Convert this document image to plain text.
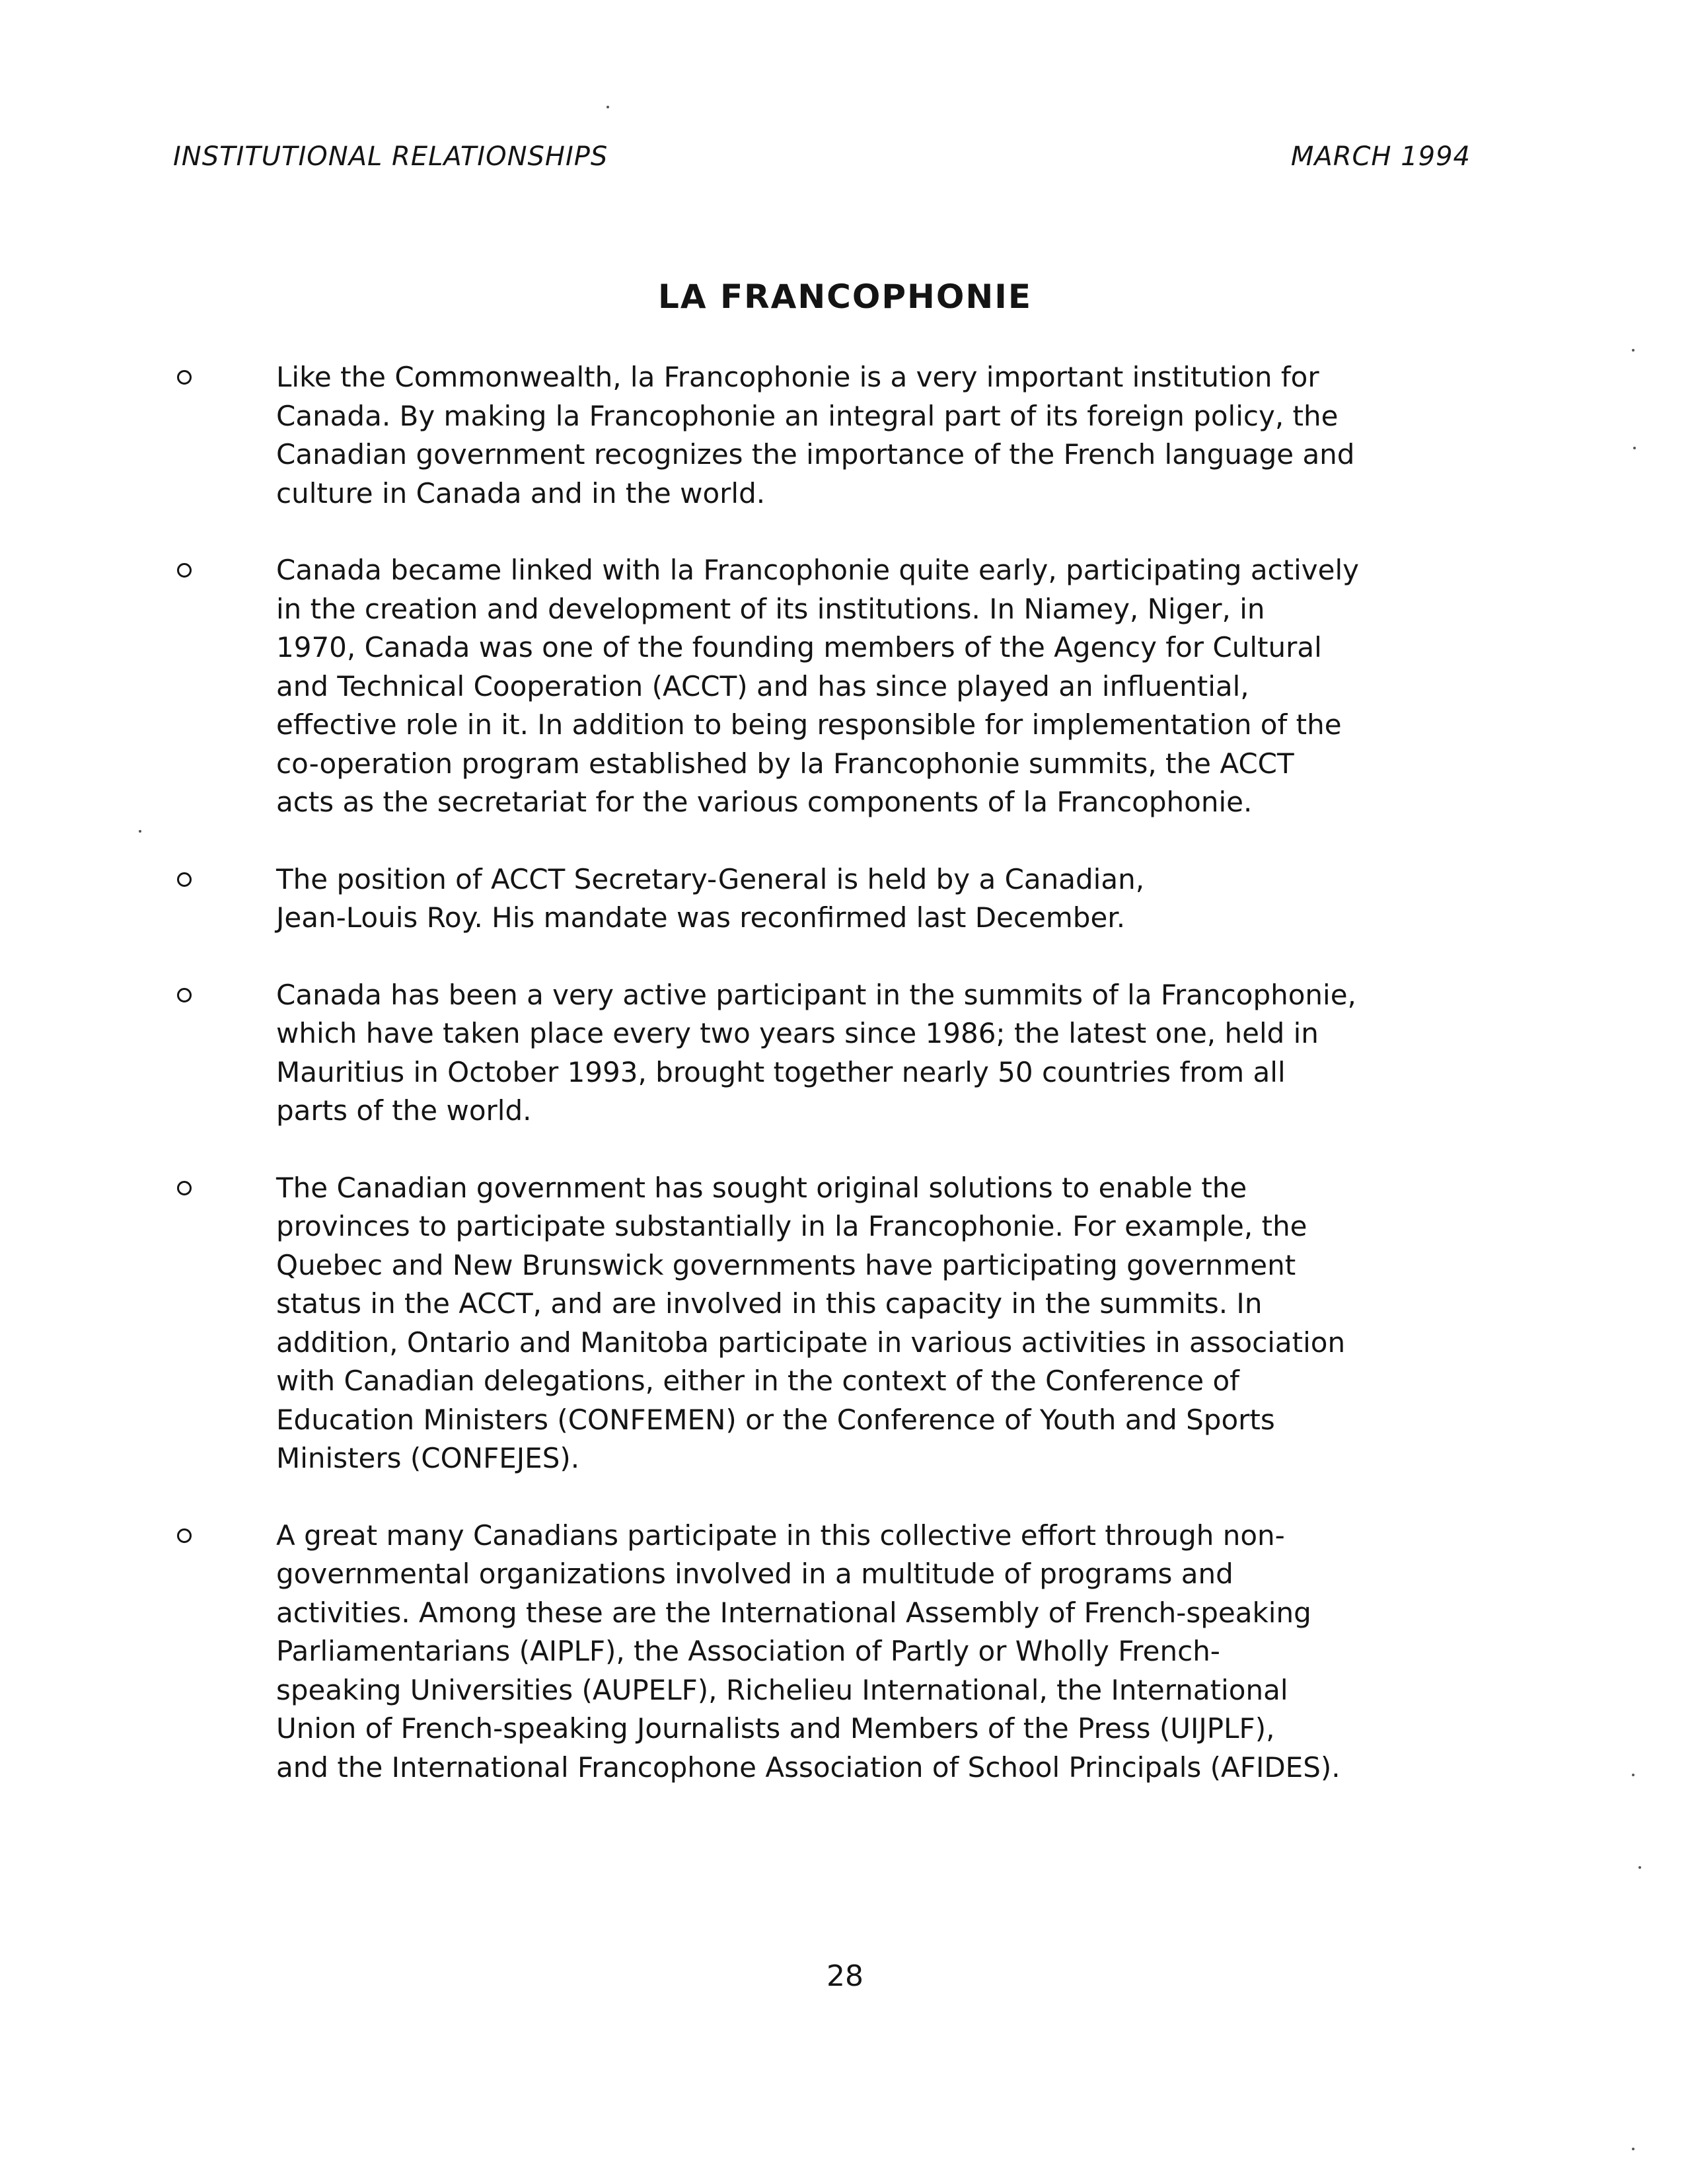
INSTITUTIONAL RELATIONSHIPS	MARCH 1994
LA FRANCOPHONIE
Like the Commonwealth, la Francophonie is a very important institution for
Canada. By making la Francophonie an integral part of its foreign policy, the
Canadian government recognizes the importance of the French language and
culture in Canada and in the world.
Canada became linked with la Francophonie quite early, participating actively
in the creation and development of its institutions. In Niamey, Niger, in
1970, Canada was one of the founding members of the Agency for Cultural
and Technical Cooperation (ACCT) and has since played an influential,
effective role in it. In addition to being responsible for implementation of the
co-operation program established by la Francophonie summits, the ACCT
acts as the secretariat for the various components of la Francophonie.
The position of ACCT Secretary-General is held by a Canadian,
Jean-Louis Roy. His mandate was reconfirmed last December.
Canada has been a very active participant in the summits of la Francophonie,
which have taken place every two years since 1986; the latest one, held in
Mauritius in October 1993, brought together nearly 50 countries from all
parts of the world.
The Canadian government has sought original solutions to enable the
provinces to participate substantially in la Francophonie. For example, the
Quebec and New Brunswick governments have participating government
status in the ACCT, and are involved in this capacity in the summits. In
addition, Ontario and Manitoba participate in various activities in association
with Canadian delegations, either in the context of the Conference of
Education Ministers (CONFEMEN) or the Conference of Youth and Sports
Ministers (CONFEJES).
A great many Canadians participate in this collective effort through non-
governmental organizations involved in a multitude of programs and
activities. Among these are the International Assembly of French-speaking
Parliamentarians (AIPLF), the Association of Partly or Wholly French-
speaking Universities (AUPELF), Richelieu International, the International
Union of French-speaking Journalists and Members of the Press (UIJPLF),
and the International Francophone Association of School Principals (AFIDES).
28
